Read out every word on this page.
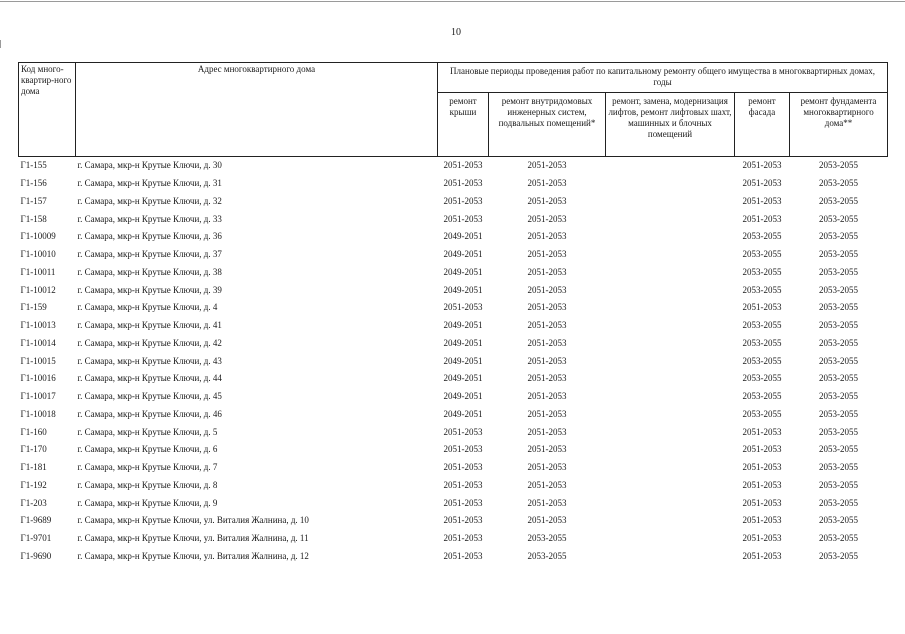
10
Код много-квартир-ного дома	Адрес многоквартирного дома	Плановые периоды проведения работ по капитальному ремонту общего имущества в многоквартирных домах, годы				
		ремонт крыши	ремонт внутридомовых инженерных систем, подвальных помещений*	ремонт, замена, модернизация лифтов, ремонт лифтовых шахт, машинных и блочных помещений	ремонт фасада	ремонт фундамента многоквартирного дома**
Г1-155	г. Самара, мкр-н Крутые Ключи, д. 30	2051-2053	2051-2053		2051-2053	2053-2055
Г1-156	г. Самара, мкр-н Крутые Ключи, д. 31	2051-2053	2051-2053		2051-2053	2053-2055
Г1-157	г. Самара, мкр-н Крутые Ключи, д. 32	2051-2053	2051-2053		2051-2053	2053-2055
Г1-158	г. Самара, мкр-н Крутые Ключи, д. 33	2051-2053	2051-2053		2051-2053	2053-2055
Г1-10009	г. Самара, мкр-н Крутые Ключи, д. 36	2049-2051	2051-2053		2053-2055	2053-2055
Г1-10010	г. Самара, мкр-н Крутые Ключи, д. 37	2049-2051	2051-2053		2053-2055	2053-2055
Г1-10011	г. Самара, мкр-н Крутые Ключи, д. 38	2049-2051	2051-2053		2053-2055	2053-2055
Г1-10012	г. Самара, мкр-н Крутые Ключи, д. 39	2049-2051	2051-2053		2053-2055	2053-2055
Г1-159	г. Самара, мкр-н Крутые Ключи, д. 4	2051-2053	2051-2053		2051-2053	2053-2055
Г1-10013	г. Самара, мкр-н Крутые Ключи, д. 41	2049-2051	2051-2053		2053-2055	2053-2055
Г1-10014	г. Самара, мкр-н Крутые Ключи, д. 42	2049-2051	2051-2053		2053-2055	2053-2055
Г1-10015	г. Самара, мкр-н Крутые Ключи, д. 43	2049-2051	2051-2053		2053-2055	2053-2055
Г1-10016	г. Самара, мкр-н Крутые Ключи, д. 44	2049-2051	2051-2053		2053-2055	2053-2055
Г1-10017	г. Самара, мкр-н Крутые Ключи, д. 45	2049-2051	2051-2053		2053-2055	2053-2055
Г1-10018	г. Самара, мкр-н Крутые Ключи, д. 46	2049-2051	2051-2053		2053-2055	2053-2055
Г1-160	г. Самара, мкр-н Крутые Ключи, д. 5	2051-2053	2051-2053		2051-2053	2053-2055
Г1-170	г. Самара, мкр-н Крутые Ключи, д. 6	2051-2053	2051-2053		2051-2053	2053-2055
Г1-181	г. Самара, мкр-н Крутые Ключи, д. 7	2051-2053	2051-2053		2051-2053	2053-2055
Г1-192	г. Самара, мкр-н Крутые Ключи, д. 8	2051-2053	2051-2053		2051-2053	2053-2055
Г1-203	г. Самара, мкр-н Крутые Ключи, д. 9	2051-2053	2051-2053		2051-2053	2053-2055
Г1-9689	г. Самара, мкр-н Крутые Ключи, ул. Виталия Жалнина, д. 10	2051-2053	2051-2053		2051-2053	2053-2055
Г1-9701	г. Самара, мкр-н Крутые Ключи, ул. Виталия Жалнина, д. 11	2051-2053	2053-2055		2051-2053	2053-2055
Г1-9690	г. Самара, мкр-н Крутые Ключи, ул. Виталия Жалнина, д. 12	2051-2053	2053-2055		2051-2053	2053-2055
